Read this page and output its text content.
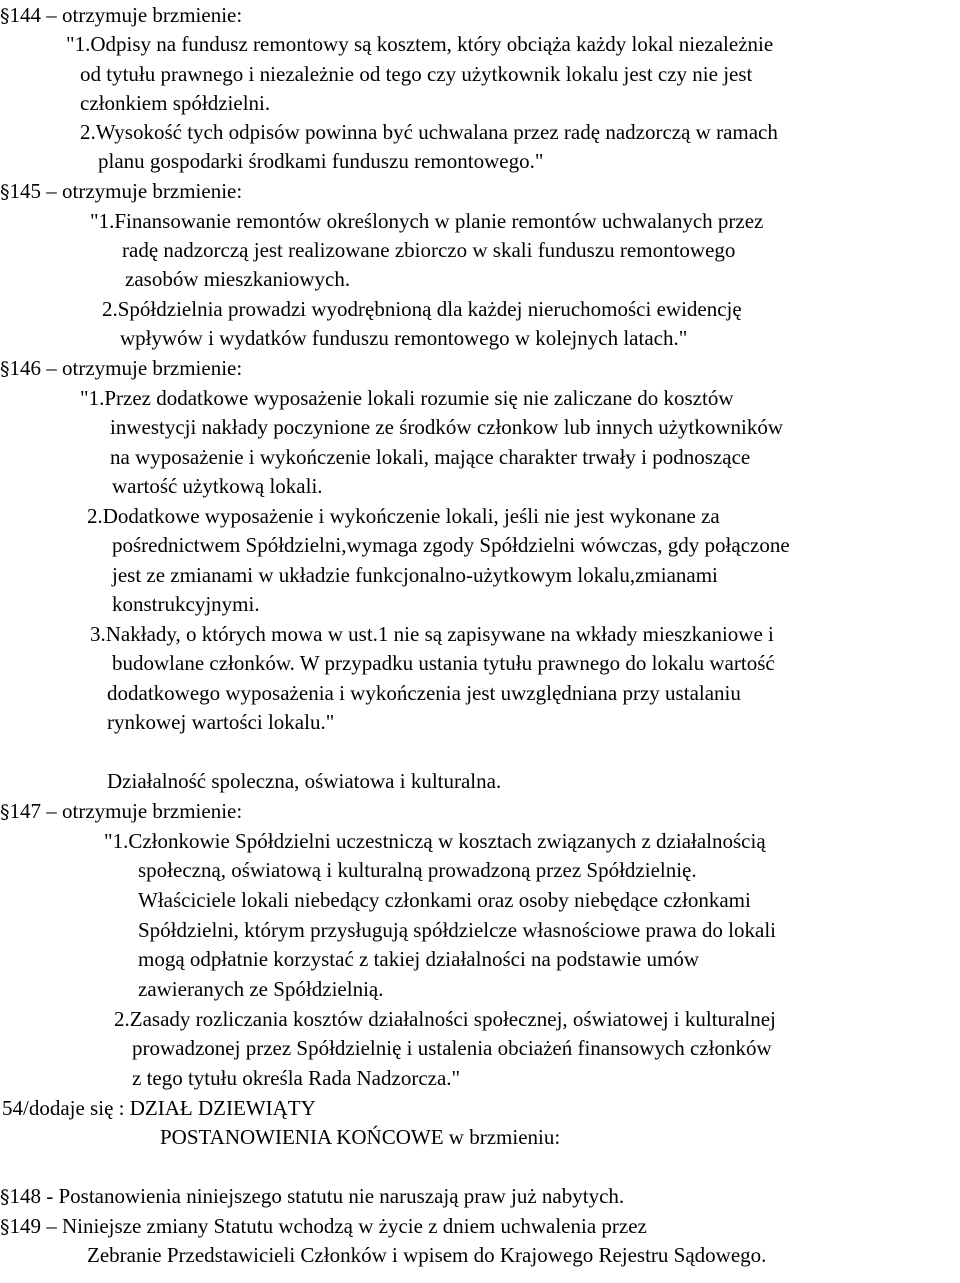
§144 – otrzymuje brzmienie:
"1.Odpisy na fundusz remontowy są kosztem, który obciąża każdy lokal niezależnie
od tytułu prawnego i niezależnie od tego czy użytkownik lokalu jest czy nie jest
członkiem spółdzielni.
2.Wysokość tych odpisów powinna być uchwalana przez radę nadzorczą w ramach
planu gospodarki środkami funduszu remontowego."
§145 – otrzymuje brzmienie:
"1.Finansowanie remontów określonych w planie remontów uchwalanych przez
radę nadzorczą jest realizowane zbiorczo w skali funduszu remontowego
zasobów mieszkaniowych.
2.Spółdzielnia prowadzi wyodrębnioną dla każdej nieruchomości ewidencję
wpływów i wydatków funduszu remontowego w kolejnych latach."
§146 – otrzymuje brzmienie:
"1.Przez dodatkowe wyposażenie lokali rozumie się nie zaliczane do kosztów
inwestycji nakłady poczynione ze środków członkow lub innych użytkowników
na wyposażenie i wykończenie lokali, mające charakter trwały i podnoszące
wartość użytkową lokali.
2.Dodatkowe wyposażenie i wykończenie lokali, jeśli nie jest wykonane za
pośrednictwem Spółdzielni,wymaga zgody Spółdzielni wówczas, gdy połączone
jest ze zmianami w układzie funkcjonalno-użytkowym lokalu,zmianami
konstrukcyjnymi.
3.Nakłady, o których mowa w ust.1 nie są zapisywane na wkłady mieszkaniowe i
budowlane członków. W przypadku ustania tytułu prawnego do lokalu wartość
dodatkowego wyposażenia i wykończenia jest uwzględniana przy ustalaniu
rynkowej wartości lokalu."
Działalność spoleczna, oświatowa i kulturalna.
§147 – otrzymuje brzmienie:
"1.Członkowie Spółdzielni uczestniczą w kosztach związanych z działalnością
społeczną, oświatową i kulturalną prowadzoną przez Spółdzielnię.
Właściciele lokali niebedący członkami oraz osoby niebędące członkami
Spółdzielni, którym przysługują spółdzielcze własnościowe prawa do lokali
mogą odpłatnie korzystać z takiej działalności na podstawie umów
zawieranych ze Spółdzielnią.
2.Zasady rozliczania kosztów działalności społecznej, oświatowej i kulturalnej
prowadzonej przez Spółdzielnię i ustalenia obciażeń finansowych członków
z tego tytułu określa Rada Nadzorcza."
54/dodaje się : DZIAŁ DZIEWIĄTY
POSTANOWIENIA KOŃCOWE w brzmieniu:
§148 - Postanowienia niniejszego statutu nie naruszają praw już nabytych.
§149 – Niniejsze zmiany Statutu wchodzą w życie z dniem uchwalenia przez
Zebranie Przedstawicieli Członków i wpisem do Krajowego Rejestru Sądowego.
